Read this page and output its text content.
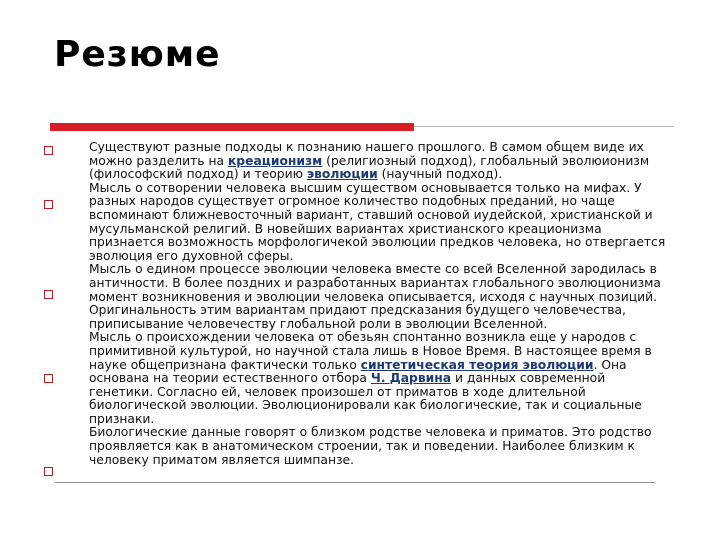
Резюме
Существуют разные подходы к познанию нашего прошлого. В самом общем виде их можно разделить на креационизм (религиозный подход), глобальный эволюионизм (философский подход) и теорию эволюции (научный подход).
Мысль о сотворении человека высшим существом основывается только на мифах. У разных народов существует огромное количество подобных преданий, но чаще вспоминают ближневосточный вариант, ставший основой иудейской, христианской и мусульманской религий. В новейших вариантах христианского креационизма признается возможность морфологичекой эволюции предков человека, но отвергается эволюция его духовной сферы.
Мысль о едином процессе эволюции человека вместе со всей Вселенной зародилась в античности. В более поздних и разработанных вариантах глобального эволюционизма момент возникновения и эволюции человека описывается, исходя с научных позиций. Оригинальность этим вариантам придают предсказания будущего человечества, приписывание человечеству глобальной роли в эволюции Вселенной.
Мысль о происхождении человека от обезьян спонтанно возникла еще у народов с примитивной культурой, но научной стала лишь в Новое Время. В настоящее время в науке общепризнана фактически только синтетическая теория эволюции. Она основана на теории естественного отбора Ч. Дарвина и данных современной генетики. Согласно ей, человек произошел от приматов в ходе длительной биологической эволюции. Эволюционировали как биологические, так и социальные признаки.
Биологические данные говорят о близком родстве человека и приматов. Это родство проявляется как в анатомическом строении, так и поведении. Наиболее близким к человеку приматом является шимпанзе.
